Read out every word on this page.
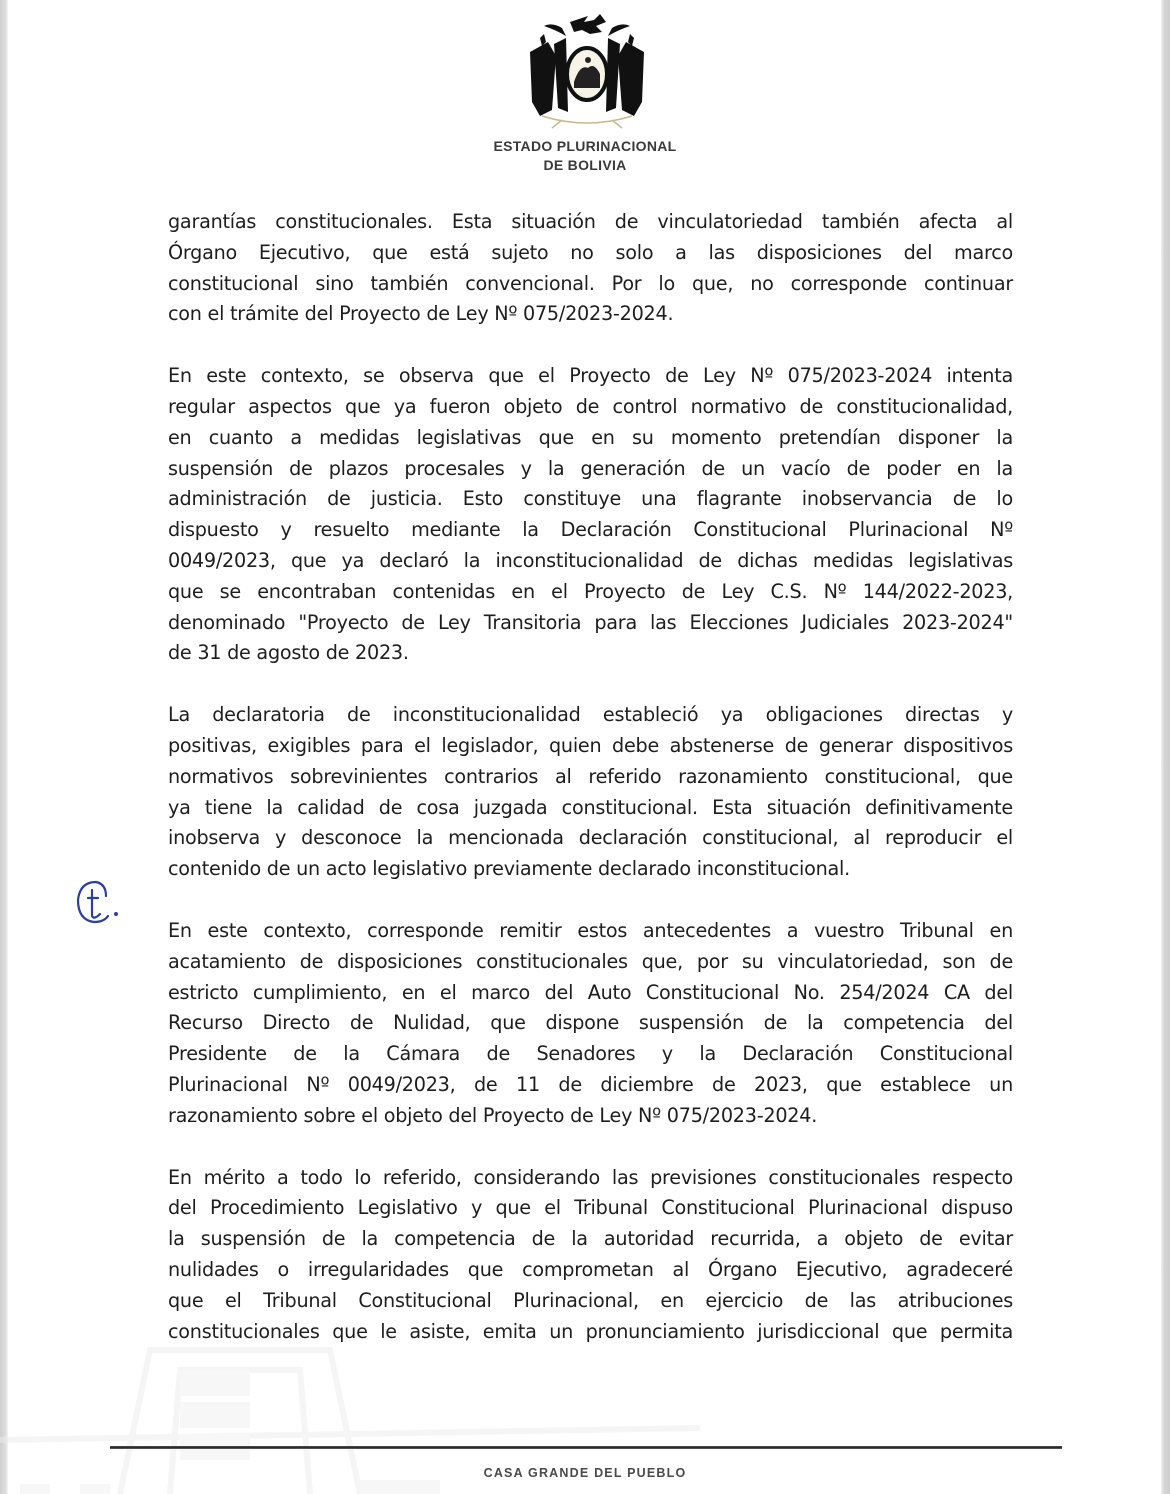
ESTADO PLURINACIONAL
DE BOLIVIA

garantías constitucionales. Esta situación de vinculatoriedad también afecta al
Órgano Ejecutivo, que está sujeto no solo a las disposiciones del marco
constitucional sino también convencional. Por lo que, no corresponde continuar
con el trámite del Proyecto de Ley Nº 075/2023-2024.

En este contexto, se observa que el Proyecto de Ley Nº 075/2023-2024 intenta
regular aspectos que ya fueron objeto de control normativo de constitucionalidad,
en cuanto a medidas legislativas que en su momento pretendían disponer la
suspensión de plazos procesales y la generación de un vacío de poder en la
administración de justicia. Esto constituye una flagrante inobservancia de lo
dispuesto y resuelto mediante la Declaración Constitucional Plurinacional Nº
0049/2023, que ya declaró la inconstitucionalidad de dichas medidas legislativas
que se encontraban contenidas en el Proyecto de Ley C.S. Nº 144/2022-2023,
denominado "Proyecto de Ley Transitoria para las Elecciones Judiciales 2023-2024"
de 31 de agosto de 2023.

La declaratoria de inconstitucionalidad estableció ya obligaciones directas y
positivas, exigibles para el legislador, quien debe abstenerse de generar dispositivos
normativos sobrevinientes contrarios al referido razonamiento constitucional, que
ya tiene la calidad de cosa juzgada constitucional. Esta situación definitivamente
inobserva y desconoce la mencionada declaración constitucional, al reproducir el
contenido de un acto legislativo previamente declarado inconstitucional.

En este contexto, corresponde remitir estos antecedentes a vuestro Tribunal en
acatamiento de disposiciones constitucionales que, por su vinculatoriedad, son de
estricto cumplimiento, en el marco del Auto Constitucional No. 254/2024 CA del
Recurso Directo de Nulidad, que dispone suspensión de la competencia del
Presidente de la Cámara de Senadores y la Declaración Constitucional
Plurinacional Nº 0049/2023, de 11 de diciembre de 2023, que establece un
razonamiento sobre el objeto del Proyecto de Ley Nº 075/2023-2024.

En mérito a todo lo referido, considerando las previsiones constitucionales respecto
del Procedimiento Legislativo y que el Tribunal Constitucional Plurinacional dispuso
la suspensión de la competencia de la autoridad recurrida, a objeto de evitar
nulidades o irregularidades que comprometan al Órgano Ejecutivo, agradeceré
que el Tribunal Constitucional Plurinacional, en ejercicio de las atribuciones
constitucionales que le asiste, emita un pronunciamiento jurisdiccional que permita

CASA GRANDE DEL PUEBLO
